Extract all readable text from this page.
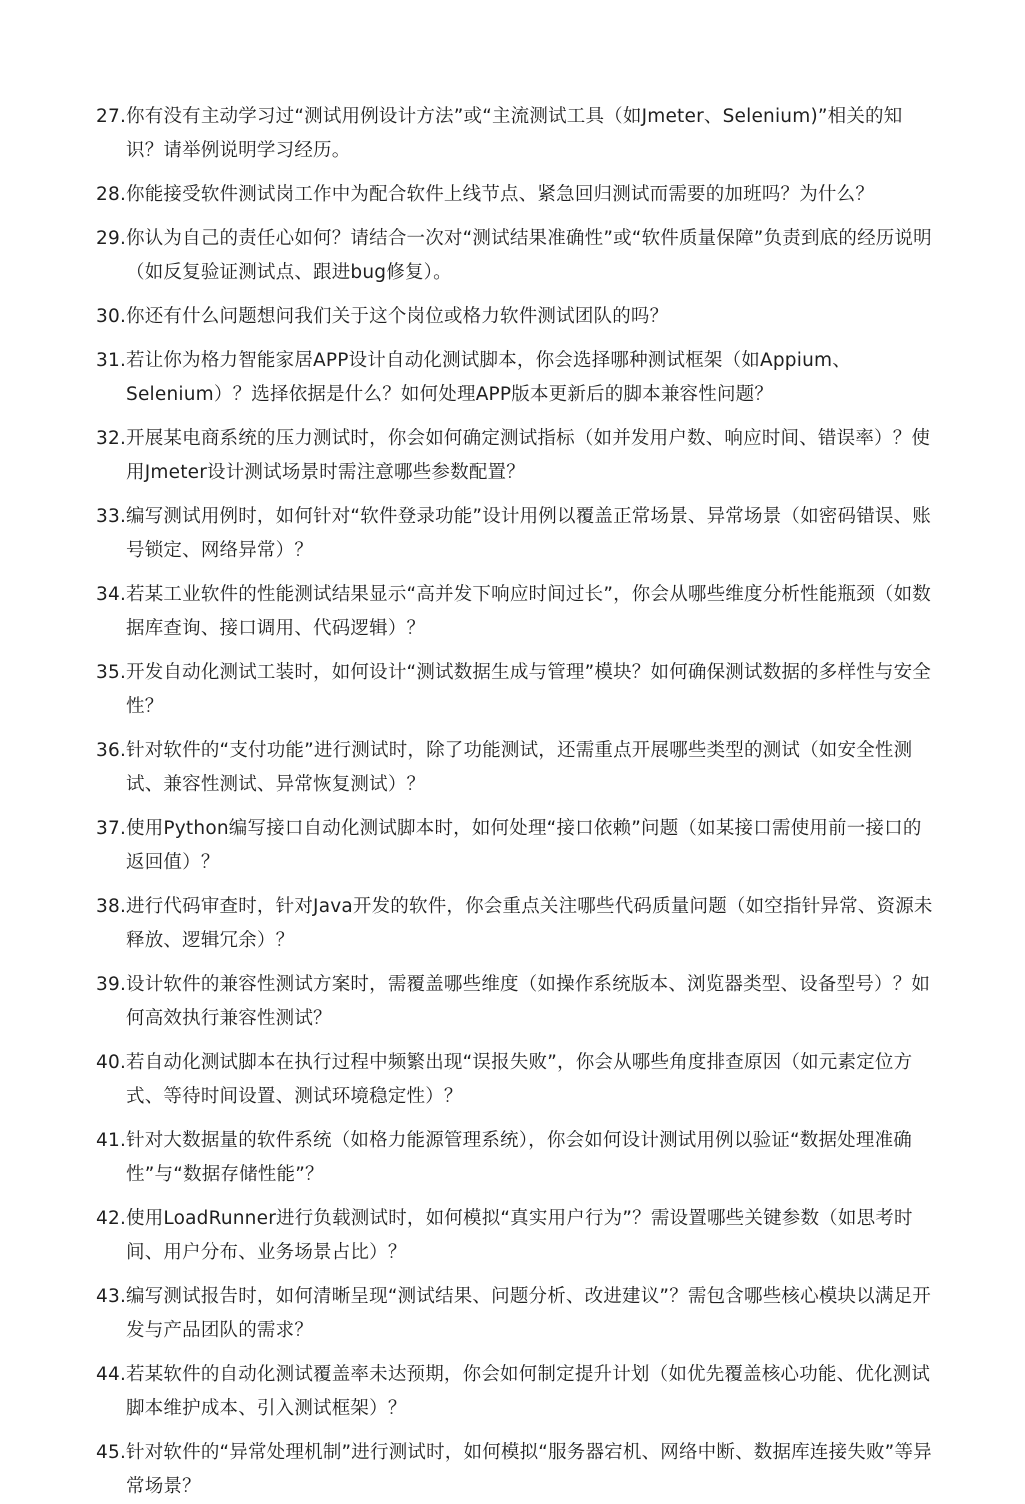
27. 你有没有主动学习过“测试用例设计方法”或“主流测试工具（如Jmeter、Selenium)”相关的知识？请举例说明学习经历。
28. 你能接受软件测试岗工作中为配合软件上线节点、紧急回归测试而需要的加班吗？为什么？
29. 你认为自己的责任心如何？请结合一次对“测试结果准确性”或“软件质量保障”负责到底的经历说明（如反复验证测试点、跟进bug修复）。
30. 你还有什么问题想问我们关于这个岗位或格力软件测试团队的吗？
31. 若让你为格力智能家居APP设计自动化测试脚本，你会选择哪种测试框架（如Appium、Selenium）？选择依据是什么？如何处理APP版本更新后的脚本兼容性问题？
32. 开展某电商系统的压力测试时，你会如何确定测试指标（如并发用户数、响应时间、错误率）？使用Jmeter设计测试场景时需注意哪些参数配置？
33. 编写测试用例时，如何针对“软件登录功能”设计用例以覆盖正常场景、异常场景（如密码错误、账号锁定、网络异常）？
34. 若某工业软件的性能测试结果显示“高并发下响应时间过长”，你会从哪些维度分析性能瓶颈（如数据库查询、接口调用、代码逻辑）？
35. 开发自动化测试工装时，如何设计“测试数据生成与管理”模块？如何确保测试数据的多样性与安全性？
36. 针对软件的“支付功能”进行测试时，除了功能测试，还需重点开展哪些类型的测试（如安全性测试、兼容性测试、异常恢复测试）？
37. 使用Python编写接口自动化测试脚本时，如何处理“接口依赖”问题（如某接口需使用前一接口的返回值）？
38. 进行代码审查时，针对Java开发的软件，你会重点关注哪些代码质量问题（如空指针异常、资源未释放、逻辑冗余）？
39. 设计软件的兼容性测试方案时，需覆盖哪些维度（如操作系统版本、浏览器类型、设备型号）？如何高效执行兼容性测试？
40. 若自动化测试脚本在执行过程中频繁出现“误报失败”，你会从哪些角度排查原因（如元素定位方式、等待时间设置、测试环境稳定性）？
41. 针对大数据量的软件系统（如格力能源管理系统），你会如何设计测试用例以验证“数据处理准确性”与“数据存储性能”？
42. 使用LoadRunner进行负载测试时，如何模拟“真实用户行为”？需设置哪些关键参数（如思考时间、用户分布、业务场景占比）？
43. 编写测试报告时，如何清晰呈现“测试结果、问题分析、改进建议”？需包含哪些核心模块以满足开发与产品团队的需求？
44. 若某软件的自动化测试覆盖率未达预期，你会如何制定提升计划（如优先覆盖核心功能、优化测试脚本维护成本、引入测试框架）？
45. 针对软件的“异常处理机制”进行测试时，如何模拟“服务器宕机、网络中断、数据库连接失败”等异常场景？
